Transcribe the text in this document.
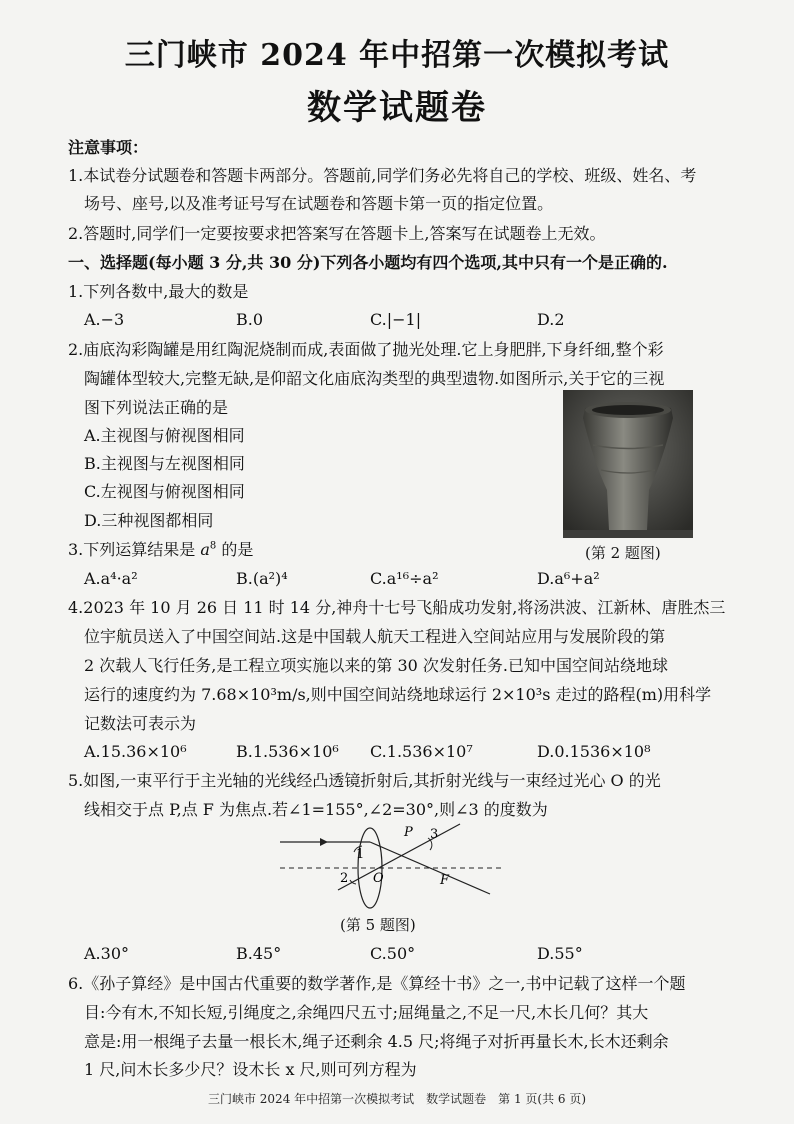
三门峡市 2024 年中招第一次模拟考试
数学试题卷
注意事项：
1.本试卷分试题卷和答题卡两部分。答题前,同学们务必先将自己的学校、班级、姓名、考
场号、座号,以及准考证号写在试题卷和答题卡第一页的指定位置。
2.答题时,同学们一定要按要求把答案写在答题卡上,答案写在试题卷上无效。
一、选择题(每小题 3 分,共 30 分)下列各小题均有四个选项,其中只有一个是正确的.
1.下列各数中,最大的数是
A.−3	B.0	C.|−1|	D.2
2.庙底沟彩陶罐是用红陶泥烧制而成,表面做了抛光处理.它上身肥胖,下身纤细,整个彩
陶罐体型较大,完整无缺,是仰韶文化庙底沟类型的典型遗物.如图所示,关于它的三视
图下列说法正确的是
A.主视图与俯视图相同
B.主视图与左视图相同
C.左视图与俯视图相同
D.三种视图都相同
(第 2 题图)
3.下列运算结果是 $a^8$ 的是
A.a⁴·a²	B.(a²)⁴	C.a¹⁶÷a²	D.a⁶+a²
4.2023 年 10 月 26 日 11 时 14 分,神舟十七号飞船成功发射,将汤洪波、江新林、唐胜杰三
位宇航员送入了中国空间站.这是中国载人航天工程进入空间站应用与发展阶段的第
2 次载人飞行任务,是工程立项实施以来的第 30 次发射任务.已知中国空间站绕地球
运行的速度约为 7.68×10³m/s,则中国空间站绕地球运行 2×10³s 走过的路程(m)用科学
记数法可表示为
A.15.36×10⁶	B.1.536×10⁶ C.1.536×10⁷	D.0.1536×10⁸
5.如图,一束平行于主光轴的光线经凸透镜折射后,其折射光线与一束经过光心 O 的光
线相交于点 P,点 F 为焦点.若∠1=155°,∠2=30°,则∠3 的度数为
1
2
3
P
O	F
(第 5 题图)
A.30°	B.45°	C.50°	D.55°
6.《孙子算经》是中国古代重要的数学著作,是《算经十书》之一,书中记载了这样一个题
目:今有木,不知长短,引绳度之,余绳四尺五寸;屈绳量之,不足一尺,木长几何？其大
意是:用一根绳子去量一根长木,绳子还剩余 4.5 尺;将绳子对折再量长木,长木还剩余
1 尺,问木长多少尺？设木长 x 尺,则可列方程为
三门峡市 2024 年中招第一次模拟考试　数学试题卷　第 1 页(共 6 页)
